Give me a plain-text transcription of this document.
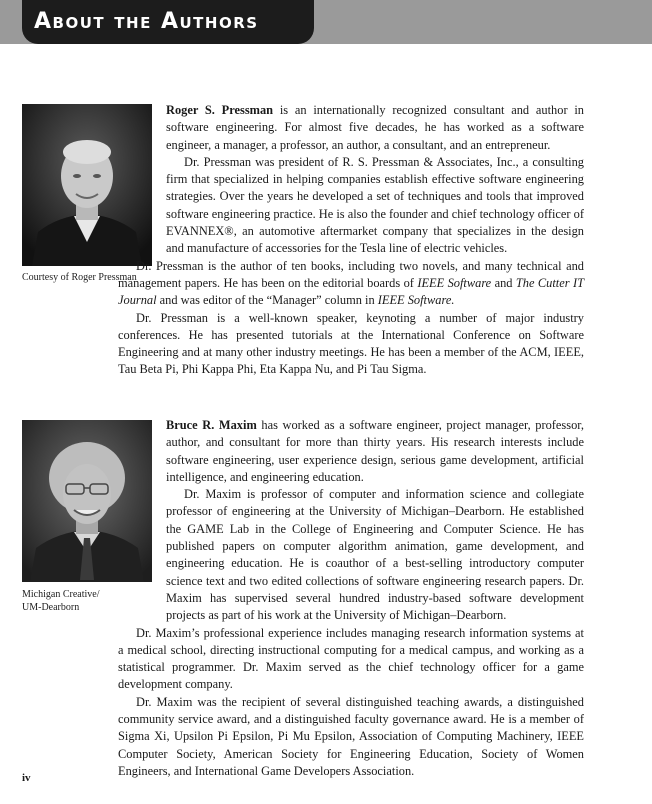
About the Authors
Courtesy of Roger Pressman

Roger S. Pressman is an internationally recognized consultant and author in software engineering. For almost five decades, he has worked as a software engineer, a manager, a professor, an author, a consultant, and an entrepreneur.

Dr. Pressman was president of R. S. Pressman & Associates, Inc., a consulting firm that specialized in helping companies establish effective software engineering strategies. Over the years he developed a set of techniques and tools that improved software engineering practice. He is also the founder and chief technology officer of EVANNEX®, an automotive aftermarket company that specializes in the design and manufacture of accessories for the Tesla line of electric vehicles.

Dr. Pressman is the author of ten books, including two novels, and many technical and management papers. He has been on the editorial boards of IEEE Software and The Cutter IT Journal and was editor of the “Manager” column in IEEE Software.

Dr. Pressman is a well-known speaker, keynoting a number of major industry conferences. He has presented tutorials at the International Conference on Software Engineering and at many other industry meetings. He has been a member of the ACM, IEEE, Tau Beta Pi, Phi Kappa Phi, Eta Kappa Nu, and Pi Tau Sigma.

Michigan Creative/
UM-Dearborn

Bruce R. Maxim has worked as a software engineer, project manager, professor, author, and consultant for more than thirty years. His research interests include software engineering, user experience design, serious game development, artificial intelligence, and engineering education.

Dr. Maxim is professor of computer and information science and collegiate professor of engineering at the University of Michigan–Dearborn. He established the GAME Lab in the College of Engineering and Computer Science. He has published papers on computer algorithm animation, game development, and engineering education. He is coauthor of a best-selling introductory computer science text and two edited collections of software engineering research papers. Dr. Maxim has supervised several hundred industry-based software development projects as part of his work at the University of Michigan–Dearborn.

Dr. Maxim’s professional experience includes managing research information systems at a medical school, directing instructional computing for a medical campus, and working as a statistical programmer. Dr. Maxim served as the chief technology officer for a game development company.

Dr. Maxim was the recipient of several distinguished teaching awards, a distinguished community service award, and a distinguished faculty governance award. He is a member of Sigma Xi, Upsilon Pi Epsilon, Pi Mu Epsilon, Association of Computing Machinery, IEEE Computer Society, American Society for Engineering Education, Society of Women Engineers, and International Game Developers Association.

iv
